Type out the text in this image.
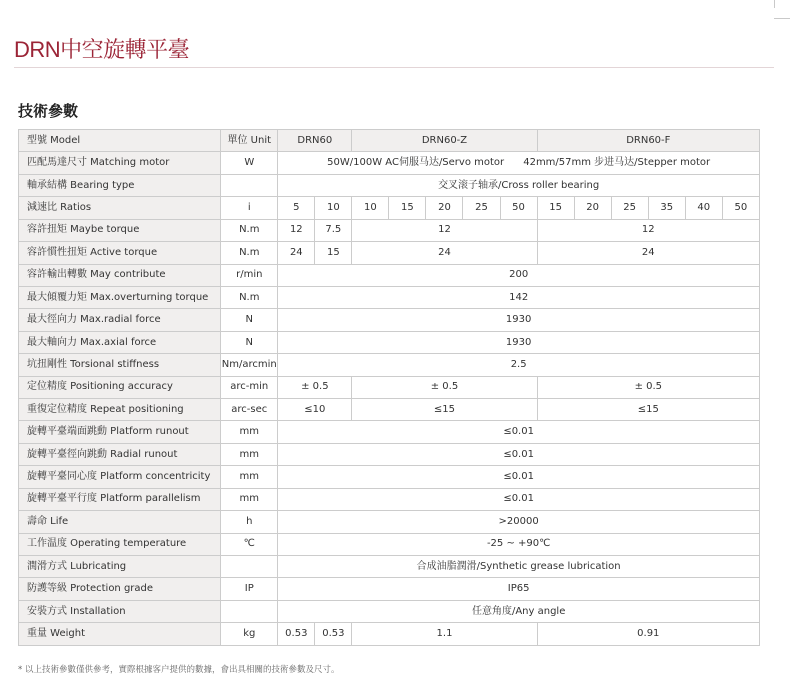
DRN中空旋轉平臺
技術參數
型號 Model	單位 Unit	DRN60		DRN60-Z					DRN60-F					
匹配馬達尺寸 Matching motor	W	50W/100W AC伺服马达/Servo motor      42mm/57mm 步进马达/Stepper motor												
軸承結構 Bearing type		交叉滚子轴承/Cross roller bearing												
減速比 Ratios	i	5	10	10	15	20	25	50	15	20	25	35	40	50
容許扭矩 Maybe torque	N.m	12	7.5	12					12					
容許慣性扭矩 Active torque	N.m	24	15	24					24					
容許輸出轉數 May contribute	r/min	200												
最大傾覆力矩 Max.overturning torque	N.m	142												
最大徑向力 Max.radial force	N	1930												
最大軸向力 Max.axial force	N	1930												
坑扭剛性 Torsional stiffness	Nm/arcmin	2.5												
定位精度 Positioning accuracy	arc-min	± 0.5		± 0.5					± 0.5					
重復定位精度 Repeat positioning	arc-sec	≤10		≤15					≤15					
旋轉平臺端面跳動 Platform runout	mm	≤0.01												
旋轉平臺徑向跳動 Radial runout	mm	≤0.01												
旋轉平臺同心度 Platform concentricity	mm	≤0.01												
旋轉平臺平行度 Platform parallelism	mm	≤0.01												
壽命 Life	h	>20000												
工作温度 Operating temperature	℃	-25 ~ +90℃												
潤滑方式 Lubricating		合成油脂潤滑/Synthetic grease lubrication												
防護等級 Protection grade	IP	IP65												
安裝方式 Installation		任意角度/Any angle												
重量 Weight	kg	0.53	0.53	1.1					0.91					
* 以上技術參數僅供參考，實際根據客户提供的數據，會出具相關的技術參數及尺寸。
